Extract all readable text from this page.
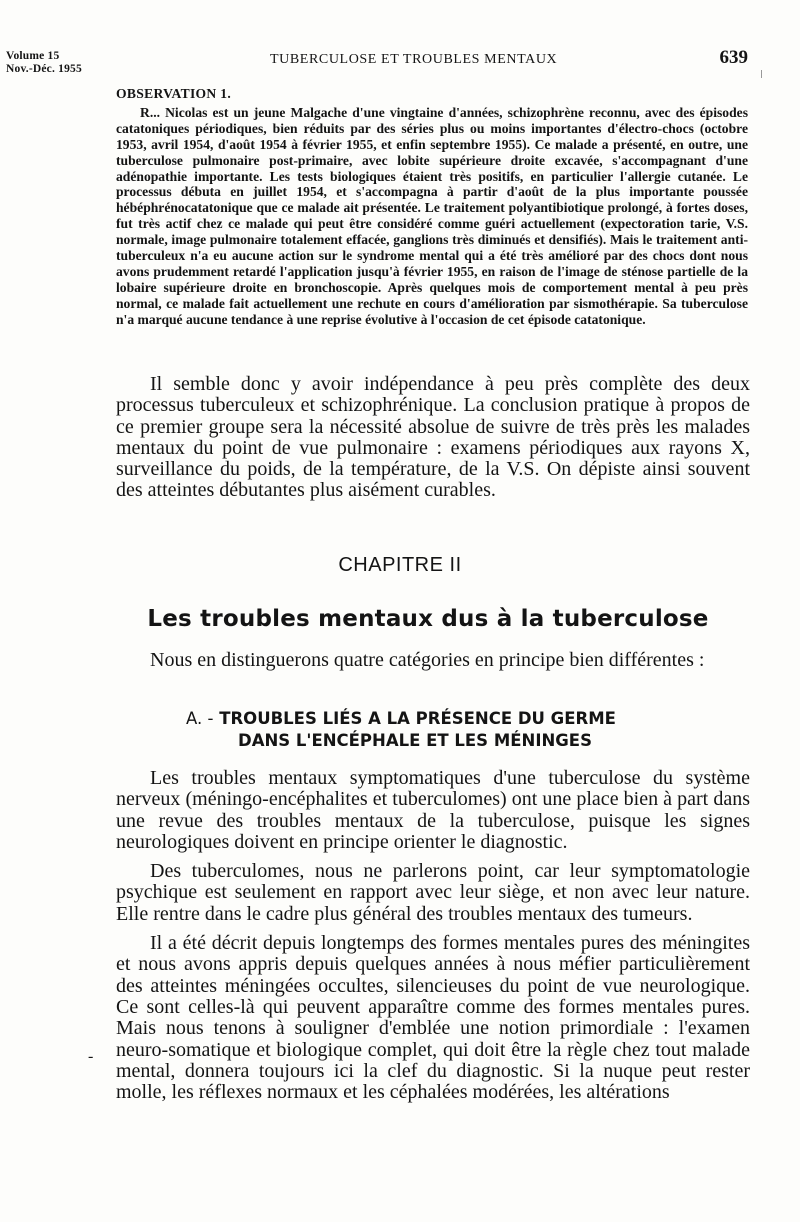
Volume 15
Nov.-Déc. 1955
TUBERCULOSE ET TROUBLES MENTAUX	639

OBSERVATION 1.

R... Nicolas est un jeune Malgache d'une vingtaine d'années, schizophrène reconnu, avec des épisodes catatoniques périodiques, bien réduits par des séries plus ou moins importantes d'électro-chocs (octobre 1953, avril 1954, d'août 1954 à février 1955, et enfin septembre 1955). Ce malade a présenté, en outre, une tuberculose pulmonaire post-primaire, avec lobite supérieure droite excavée, s'accompagnant d'une adénopathie importante. Les tests biologiques étaient très positifs, en particulier l'allergie cutanée. Le processus débuta en juillet 1954, et s'accompagna à partir d'août de la plus importante poussée hébéphrénocatatonique que ce malade ait présentée. Le traitement polyantibiotique prolongé, à fortes doses, fut très actif chez ce malade qui peut être considéré comme guéri actuellement (expectoration tarie, V.S. normale, image pulmonaire totalement effacée, ganglions très diminués et densifiés). Mais le traitement anti-tuberculeux n'a eu aucune action sur le syndrome mental qui a été très amélioré par des chocs dont nous avons prudemment retardé l'application jusqu'à février 1955, en raison de l'image de sténose partielle de la lobaire supérieure droite en bronchoscopie. Après quelques mois de comportement mental à peu près normal, ce malade fait actuellement une rechute en cours d'amélioration par sismothérapie. Sa tuberculose n'a marqué aucune tendance à une reprise évolutive à l'occasion de cet épisode catatonique.

Il semble donc y avoir indépendance à peu près complète des deux processus tuberculeux et schizophrénique. La conclusion pratique à propos de ce premier groupe sera la nécessité absolue de suivre de très près les malades mentaux du point de vue pulmonaire : examens périodiques aux rayons X, surveillance du poids, de la température, de la V.S. On dépiste ainsi souvent des atteintes débutantes plus aisément curables.

CHAPITRE II
Les troubles mentaux dus à la tuberculose

Nous en distinguerons quatre catégories en principe bien différentes :

A. - TROUBLES LIÉS A LA PRÉSENCE DU GERME
DANS L'ENCÉPHALE ET LES MÉNINGES

Les troubles mentaux symptomatiques d'une tuberculose du système nerveux (méningo-encéphalites et tuberculomes) ont une place bien à part dans une revue des troubles mentaux de la tuberculose, puisque les signes neurologiques doivent en principe orienter le diagnostic.

Des tuberculomes, nous ne parlerons point, car leur symptomatologie psychique est seulement en rapport avec leur siège, et non avec leur nature. Elle rentre dans le cadre plus général des troubles mentaux des tumeurs.

Il a été décrit depuis longtemps des formes mentales pures des méningites et nous avons appris depuis quelques années à nous méfier particulièrement des atteintes méningées occultes, silencieuses du point de vue neurologique. Ce sont celles-là qui peuvent apparaître comme des formes mentales pures. Mais nous tenons à souligner d'emblée une notion primordiale : l'examen neuro-somatique et biologique complet, qui doit être la règle chez tout malade mental, donnera toujours ici la clef du diagnostic. Si la nuque peut rester molle, les réflexes normaux et les céphalées modérées, les altérations

-
